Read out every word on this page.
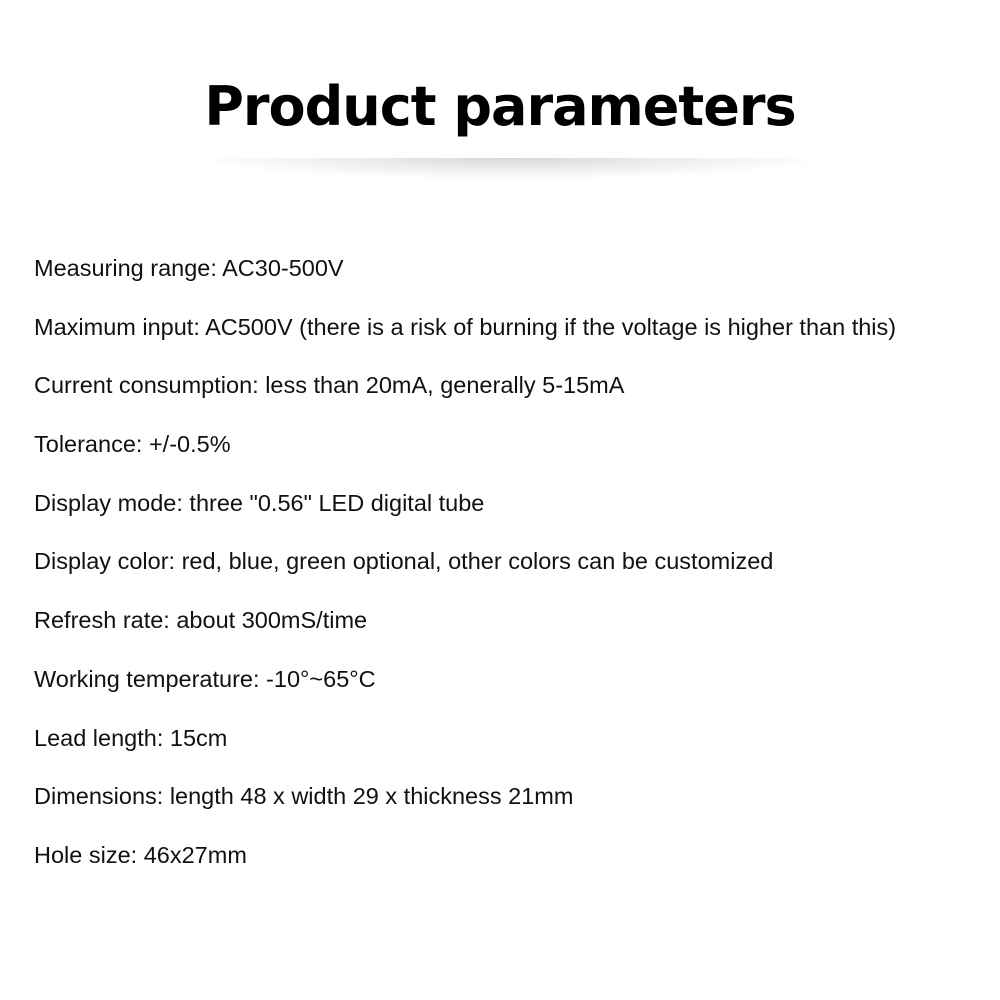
Product parameters
Measuring range: AC30-500V
Maximum input: AC500V (there is a risk of burning if the voltage is higher than this)
Current consumption: less than 20mA, generally 5-15mA
Tolerance: +/-0.5%
Display mode: three "0.56" LED digital tube
Display color: red, blue, green optional, other colors can be customized
Refresh rate: about 300mS/time
Working temperature: -10°~65°C
Lead length: 15cm
Dimensions: length 48 x width 29 x thickness 21mm
Hole size: 46x27mm
